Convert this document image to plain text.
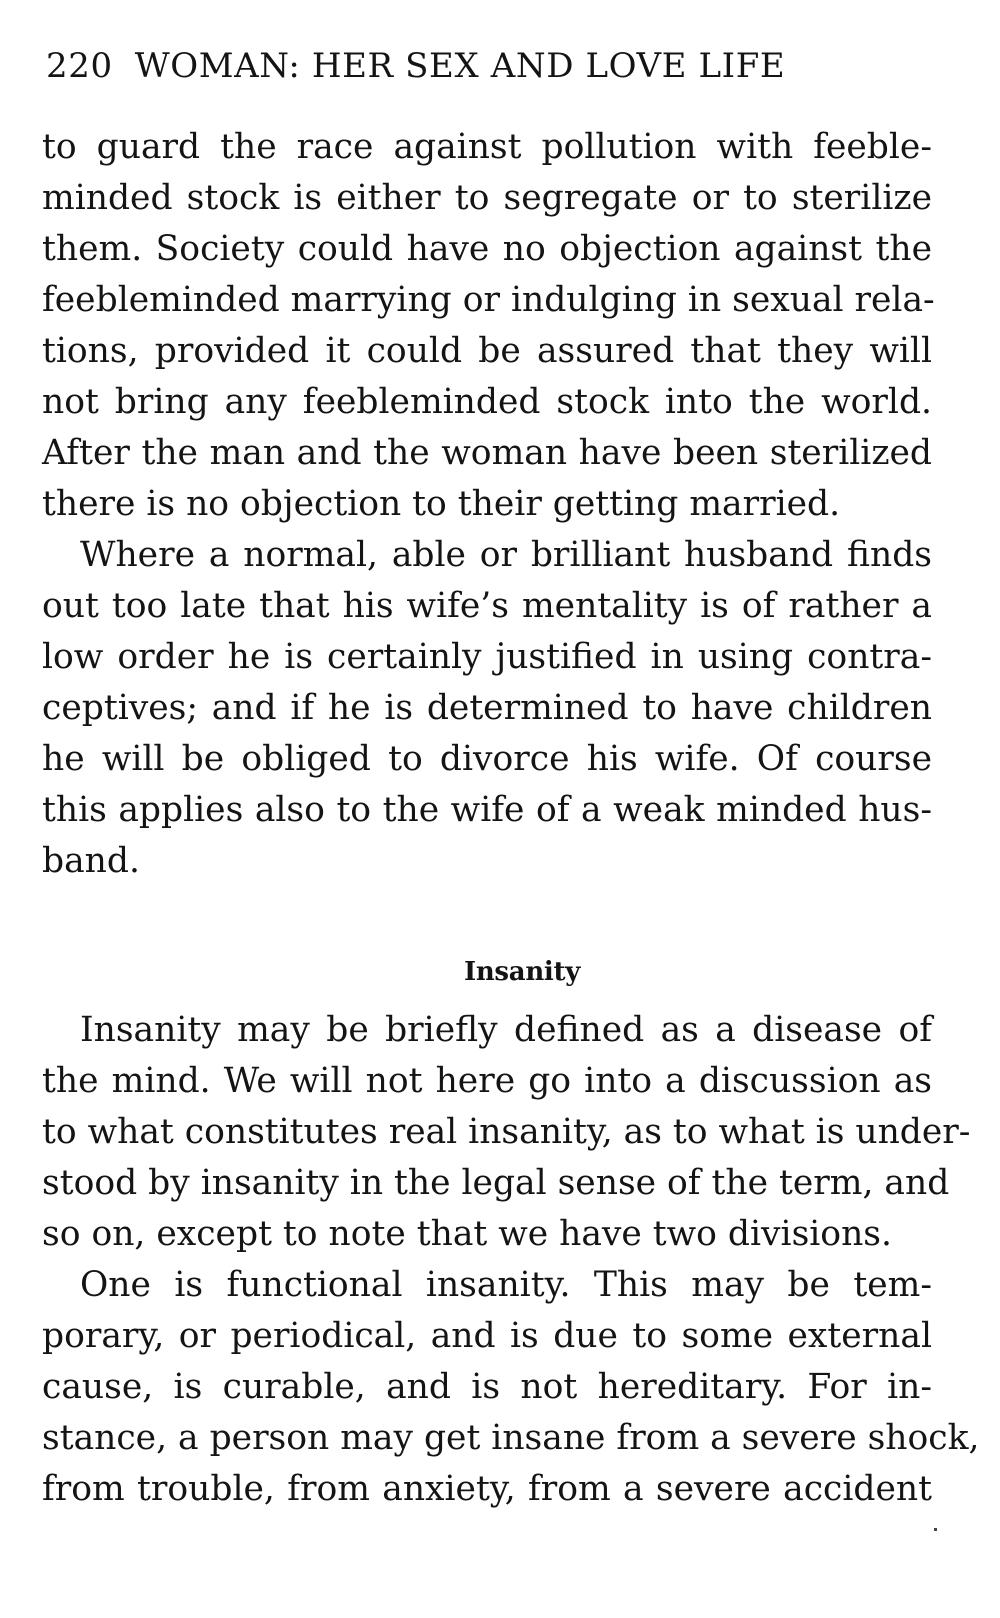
220 WOMAN: HER SEX AND LOVE LIFE
to guard the race against pollution with feeble-
minded stock is either to segregate or to sterilize
them. Society could have no objection against the
feebleminded marrying or indulging in sexual rela-
tions, provided it could be assured that they will
not bring any feebleminded stock into the world.
After the man and the woman have been sterilized
there is no objection to their getting married.
Where a normal, able or brilliant husband finds
out too late that his wife’s mentality is of rather a
low order he is certainly justified in using contra-
ceptives; and if he is determined to have children
he will be obliged to divorce his wife. Of course
this applies also to the wife of a weak minded hus-
band.
Insanity
Insanity may be briefly defined as a disease of
the mind. We will not here go into a discussion as
to what constitutes real insanity, as to what is under-
stood by insanity in the legal sense of the term, and
so on, except to note that we have two divisions.
One is functional insanity. This may be tem-
porary, or periodical, and is due to some external
cause, is curable, and is not hereditary. For in-
stance, a person may get insane from a severe shock,
from trouble, from anxiety, from a severe accident
